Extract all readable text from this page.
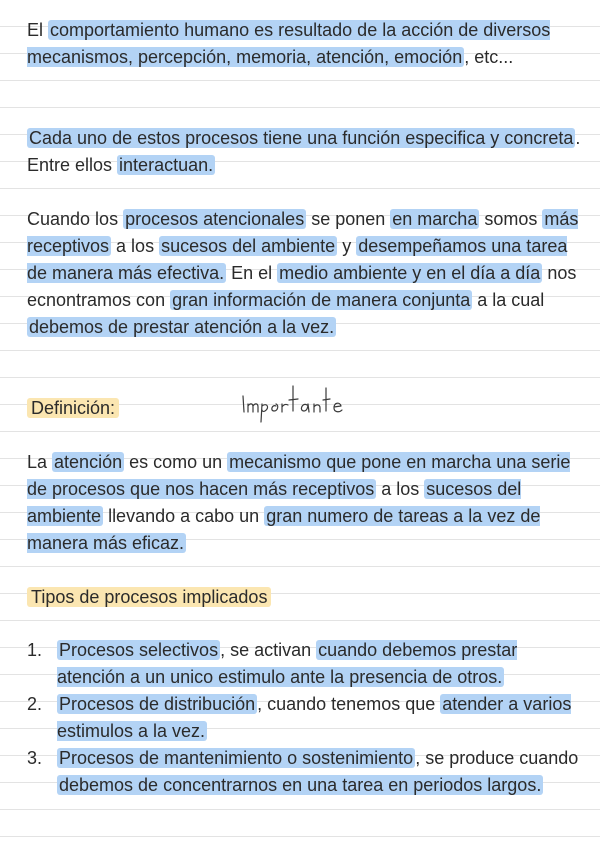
El comportamiento humano es resultado de la acción de diversos mecanismos, percepción, memoria, atención, emoción , etc...

Cada uno de estos procesos tiene una función especifica y concreta . Entre ellos interactuan.

Cuando los procesos atencionales se ponen en marcha somos más receptivos a los sucesos del ambiente y desempeñamos una tarea de manera más efectiva. En el medio ambiente y en el día a día nos ecnontramos con gran información de manera conjunta a la cual debemos de prestar atención a la vez.

Definición:

La atención es como un mecanismo que pone en marcha una serie de procesos que nos hacen más receptivos a los sucesos del ambiente llevando a cabo un gran numero de tareas a la vez de manera más eficaz.

Tipos de procesos implicados

1. Procesos selectivos , se activan cuando debemos prestar atención a un unico estimulo ante la presencia de otros.
2. Procesos de distribución , cuando tenemos que atender a varios estimulos a la vez.
3. Procesos de mantenimiento o sostenimiento , se produce cuando debemos de concentrarnos en una tarea en periodos largos.
